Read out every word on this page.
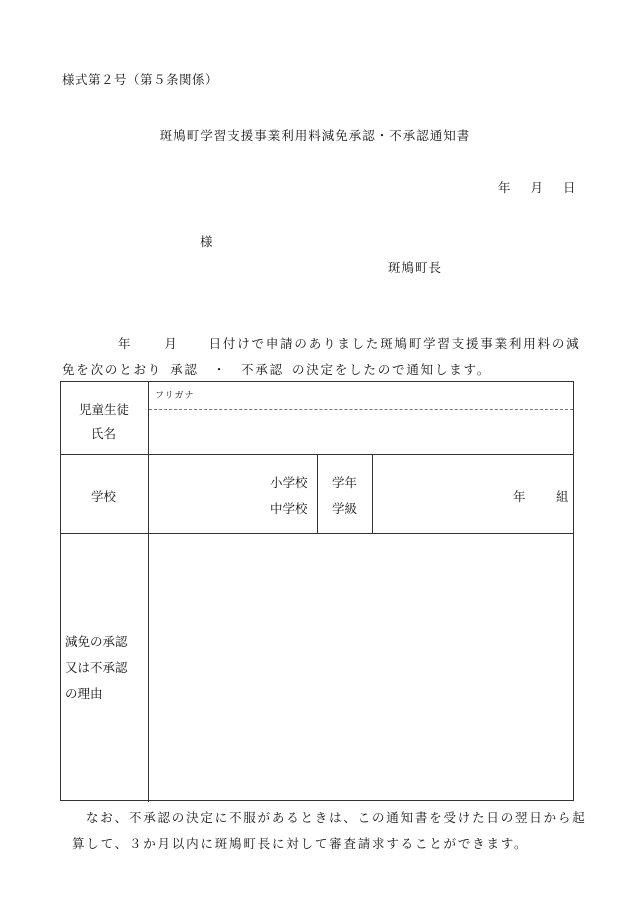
様式第２号（第５条関係）
斑鳩町学習支援事業利用料減免承認・不承認通知書
年 月 日
様
斑鳩町長
年	月 日付けで申請のありました斑鳩町学習支援事業利用料の減
免を次のとおり 承認 ・ 不承認 の決定をしたので通知します。
児童生徒
氏名
フリガナ
学校
小学校
中学校
学年
学級
年 組
減免の承認
又は不承認
の理由
なお、不承認の決定に不服があるときは、この通知書を受けた日の翌日から起
算して、３か月以内に斑鳩町長に対して審査請求することができます。
